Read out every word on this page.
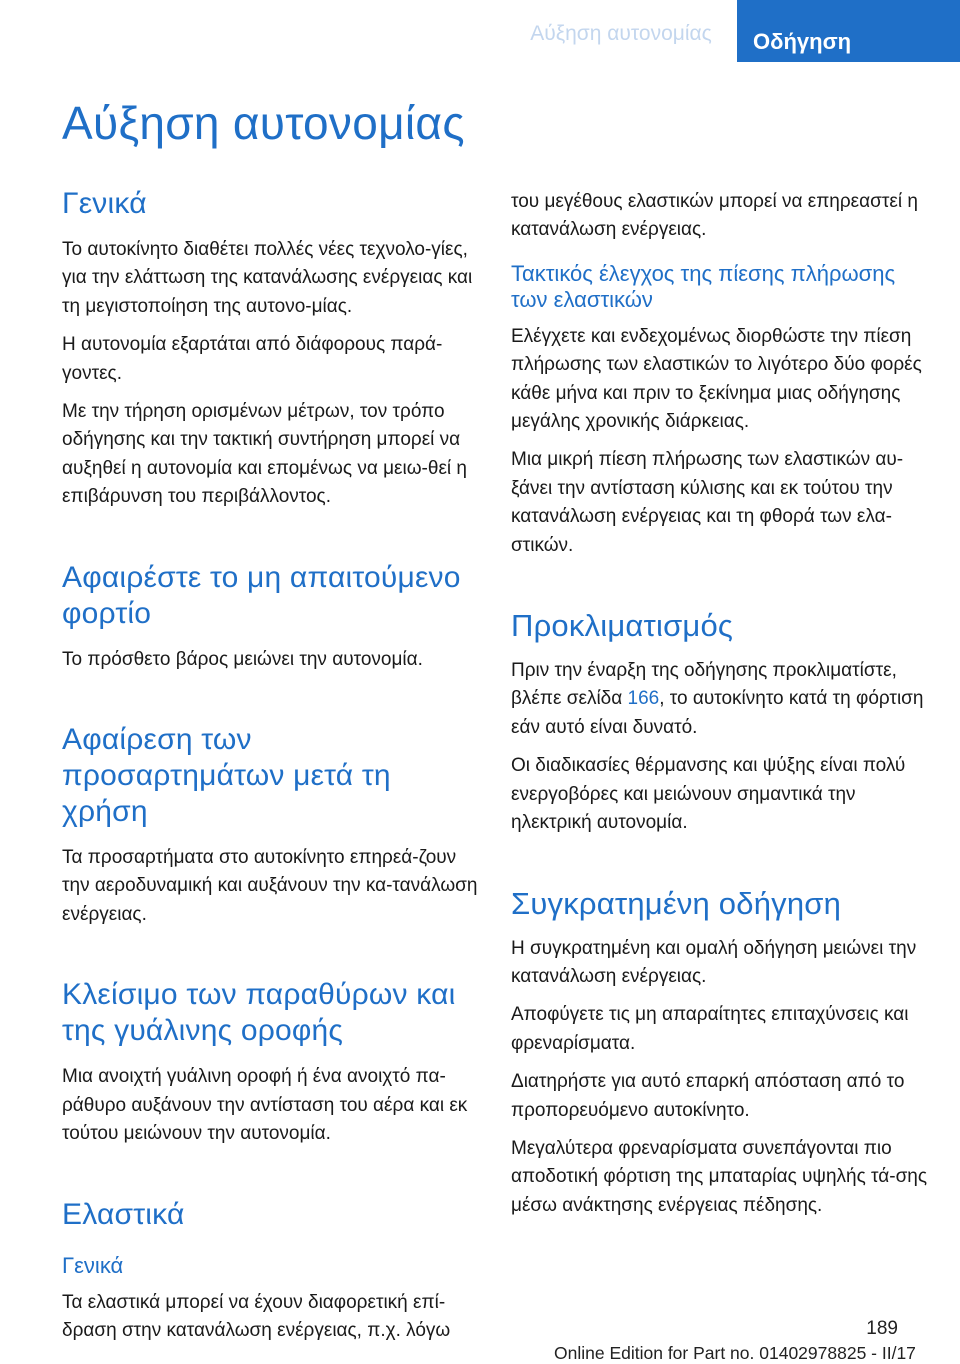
Αύξηση αυτονομίας	Οδήγηση
Αύξηση αυτονομίας
Γενικά

Το αυτοκίνητο διαθέτει πολλές νέες τεχνολο-γίες, για την ελάττωση της κατανάλωσης ενέργειας και τη μεγιστοποίηση της αυτονο-μίας.

Η αυτονομία εξαρτάται από διάφορους παρά-γοντες.

Με την τήρηση ορισμένων μέτρων, τον τρόπο οδήγησης και την τακτική συντήρηση μπορεί να αυξηθεί η αυτονομία και επομένως να μειω-θεί η επιβάρυνση του περιβάλλοντος.

Αφαιρέστε το μη απαιτούμενο φορτίο

Το πρόσθετο βάρος μειώνει την αυτονομία.

Αφαίρεση των προσαρτημάτων μετά τη χρήση

Τα προσαρτήματα στο αυτοκίνητο επηρεά-ζουν την αεροδυναμική και αυξάνουν την κα-τανάλωση ενέργειας.

Κλείσιμο των παραθύρων και της γυάλινης οροφής

Μια ανοιχτή γυάλινη οροφή ή ένα ανοιχτό πα-ράθυρο αυξάνουν την αντίσταση του αέρα και εκ τούτου μειώνουν την αυτονομία.

Ελαστικά
Γενικά

Τα ελαστικά μπορεί να έχουν διαφορετική επί-δραση στην κατανάλωση ενέργειας, π.χ. λόγω

του μεγέθους ελαστικών μπορεί να επηρεαστεί η κατανάλωση ενέργειας.

Τακτικός έλεγχος της πίεσης πλήρωσης των ελαστικών

Ελέγχετε και ενδεχομένως διορθώστε την πίεση πλήρωσης των ελαστικών το λιγότερο δύο φορές κάθε μήνα και πριν το ξεκίνημα μιας οδήγησης μεγάλης χρονικής διάρκειας.

Μια μικρή πίεση πλήρωσης των ελαστικών αυ-ξάνει την αντίσταση κύλισης και εκ τούτου την κατανάλωση ενέργειας και τη φθορά των ελα-στικών.

Προκλιματισμός

Πριν την έναρξη της οδήγησης προκλιματίστε, βλέπε σελίδα 166, το αυτοκίνητο κατά τη φόρτιση εάν αυτό είναι δυνατό.

Οι διαδικασίες θέρμανσης και ψύξης είναι πολύ ενεργοβόρες και μειώνουν σημαντικά την ηλεκτρική αυτονομία.

Συγκρατημένη οδήγηση

Η συγκρατημένη και ομαλή οδήγηση μειώνει την κατανάλωση ενέργειας.

Αποφύγετε τις μη απαραίτητες επιταχύνσεις και φρεναρίσματα.

Διατηρήστε για αυτό επαρκή απόσταση από το προπορευόμενο αυτοκίνητο.

Μεγαλύτερα φρεναρίσματα συνεπάγονται πιο αποδοτική φόρτιση της μπαταρίας υψηλής τά-σης μέσω ανάκτησης ενέργειας πέδησης.

189
Online Edition for Part no. 01402978825 - II/17
